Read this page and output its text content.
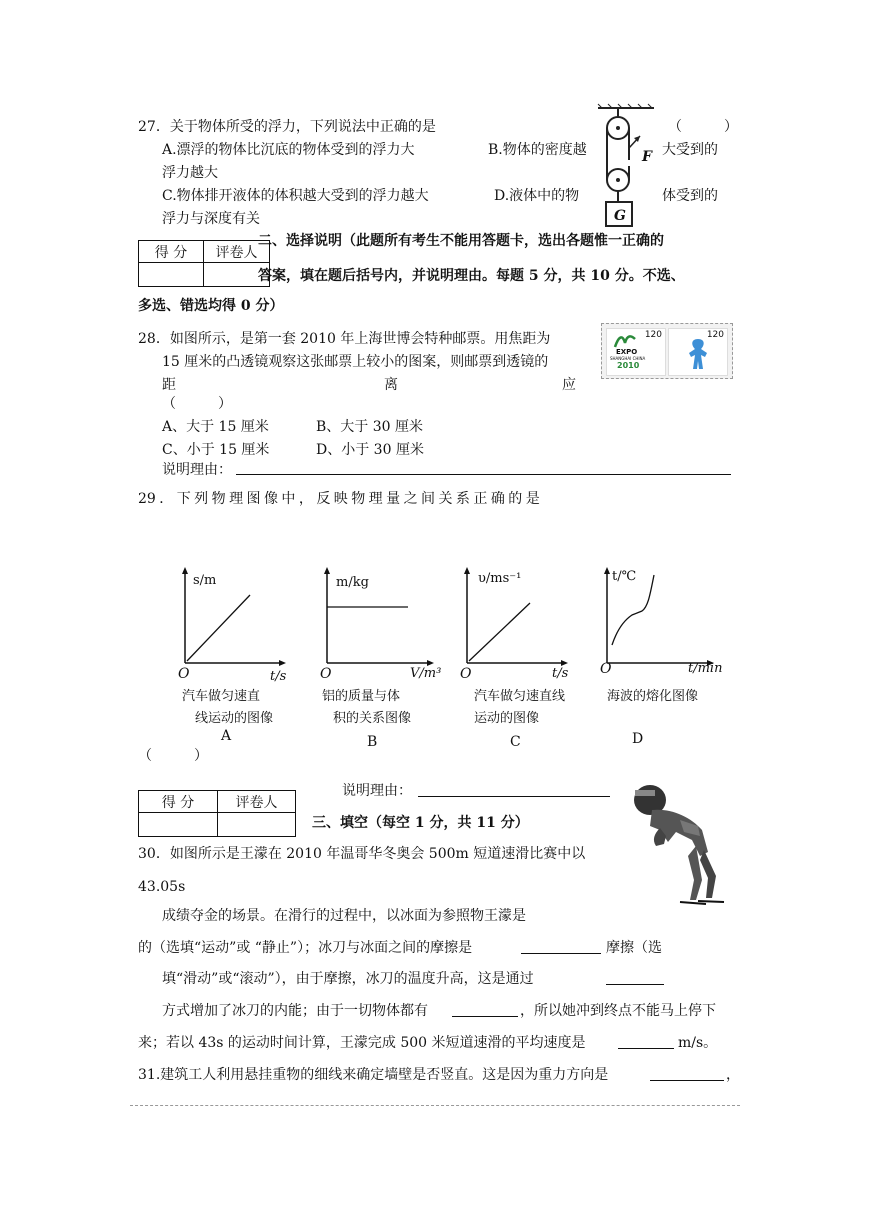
27．关于物体所受的浮力，下列说法中正确的是	（　　　）
A.漂浮的物体比沉底的物体受到的浮力大	B.物体的密度越	大受到的
浮力越大
C.物体排开液体的体积越大受到的浮力越大	D.液体中的物	体受到的
浮力与深度有关
F
G
得 分	评卷人

二、选择说明（此题所有考生不能用答题卡，选出各题惟一正确的
答案，填在题后括号内，并说明理由。每题 5 分，共 10 分。不选、
多选、错选均得 0 分）
28．如图所示，是第一套 2010 年上海世博会特种邮票。用焦距为
15 厘米的凸透镜观察这张邮票上较小的图案，则邮票到透镜的
距	离	应
（　　　）
A、大于 15 厘米	B、大于 30 厘米
C、小于 15 厘米	D、小于 30 厘米
说明理由：
120
EXPO
SHANGHAI CHINA
2010
120
29 ． 下 列 物 理 图 像 中 ， 反 映 物 理 量 之 间 关 系 正 确 的 是
s/m
O	t/s
汽车做匀速直
线运动的图像
A
m/kg
O	V/m³
铝的质量与体
积的关系图像
B
υ/ms⁻¹
O	t/s
汽车做匀速直线
运动的图像
C
t/℃
O	t/min
海波的熔化图像
D
（　　　）
说明理由：
得 分	评卷人

三、填空（每空 1 分，共 11 分）
30．如图所示是王濛在 2010 年温哥华冬奥会 500m 短道速滑比赛中以
43.05s
成绩夺金的场景。在滑行的过程中，以冰面为参照物王濛是
的（选填“运动”或 “静止”）；冰刀与冰面之间的摩擦是	摩擦（选
填“滑动”或“滚动”），由于摩擦，冰刀的温度升高，这是通过
方式增加了冰刀的内能；由于一切物体都有	，所以她冲到终点不能马上停下
来；若以 43s 的运动时间计算，王濛完成 500 米短道速滑的平均速度是	m/s。
31.建筑工人利用悬挂重物的细线来确定墙壁是否竖直。这是因为重力方向是	，
